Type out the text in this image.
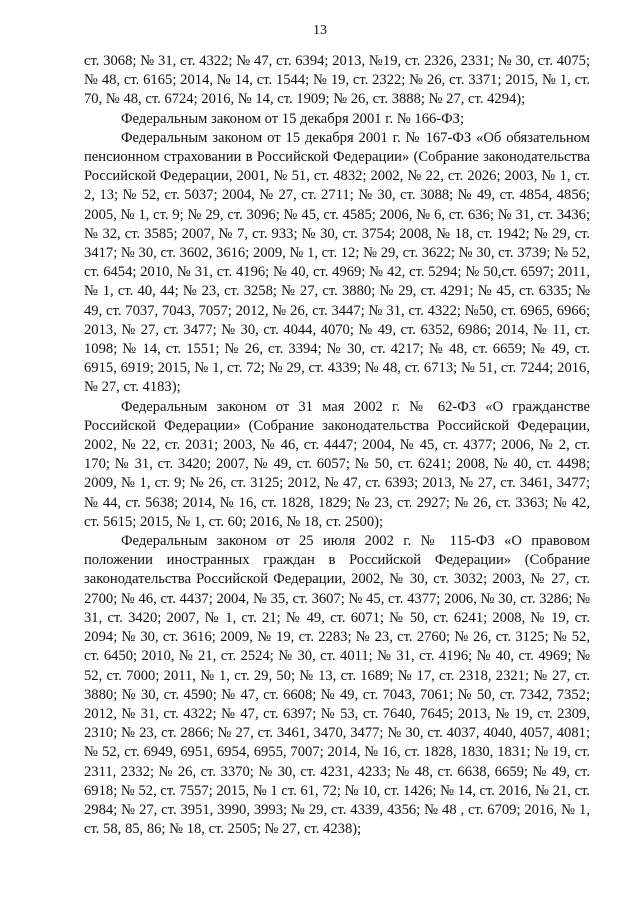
13

ст. 3068; № 31, ст. 4322; № 47, ст. 6394; 2013, №19, ст. 2326, 2331; № 30, ст. 4075; № 48, ст. 6165; 2014, № 14, ст. 1544; № 19, ст. 2322; № 26, ст. 3371; 2015, № 1, ст. 70, № 48, ст. 6724; 2016, № 14, ст. 1909; № 26, ст. 3888; № 27, ст. 4294);

Федеральным законом от 15 декабря 2001 г. № 166-ФЗ;

Федеральным законом от 15 декабря 2001 г. № 167-ФЗ «Об обязательном пенсионном страховании в Российской Федерации» (Собрание законодательства Российской Федерации, 2001, № 51, ст. 4832; 2002, № 22, ст. 2026; 2003, № 1, ст. 2, 13; № 52, ст. 5037; 2004, № 27, ст. 2711; № 30, ст. 3088; № 49, ст. 4854, 4856; 2005, № 1, ст. 9; № 29, ст. 3096; № 45, ст. 4585; 2006, № 6, ст. 636; № 31, ст. 3436; № 32, ст. 3585; 2007, № 7, ст. 933; № 30, ст. 3754; 2008, № 18, ст. 1942; № 29, ст. 3417; № 30, ст. 3602, 3616; 2009, № 1, ст. 12; № 29, ст. 3622; № 30, ст. 3739; № 52, ст. 6454; 2010, № 31, ст. 4196; № 40, ст. 4969; № 42, ст. 5294; № 50,ст. 6597; 2011, № 1, ст. 40, 44; № 23, ст. 3258; № 27, ст. 3880; № 29, ст. 4291; № 45, ст. 6335; № 49, ст. 7037, 7043, 7057; 2012, № 26, ст. 3447; № 31, ст. 4322; №50, ст. 6965, 6966; 2013, № 27, ст. 3477; № 30, ст. 4044, 4070; № 49, ст. 6352, 6986; 2014, № 11, ст. 1098; № 14, ст. 1551; № 26, ст. 3394; № 30, ст. 4217; № 48, ст. 6659; № 49, ст. 6915, 6919; 2015, № 1, ст. 72; № 29, ст. 4339; № 48, ст. 6713; № 51, ст. 7244; 2016, № 27, ст. 4183);

Федеральным законом от 31 мая 2002 г. № 62-ФЗ «О гражданстве Российской Федерации» (Собрание законодательства Российской Федерации, 2002, № 22, ст. 2031; 2003, № 46, ст. 4447; 2004, № 45, ст. 4377; 2006, № 2, ст. 170; № 31, ст. 3420; 2007, № 49, ст. 6057; № 50, ст. 6241; 2008, № 40, ст. 4498; 2009, № 1, ст. 9; № 26, ст. 3125; 2012, № 47, ст. 6393; 2013, № 27, ст. 3461, 3477; № 44, ст. 5638; 2014, № 16, ст. 1828, 1829; № 23, ст. 2927; № 26, ст. 3363; № 42, ст. 5615; 2015, № 1, ст. 60; 2016, № 18, ст. 2500);

Федеральным законом от 25 июля 2002 г. № 115-ФЗ «О правовом положении иностранных граждан в Российской Федерации» (Собрание законодательства Российской Федерации, 2002, № 30, ст. 3032; 2003, № 27, ст. 2700; № 46, ст. 4437; 2004, № 35, ст. 3607; № 45, ст. 4377; 2006, № 30, ст. 3286; № 31, ст. 3420; 2007, № 1, ст. 21; № 49, ст. 6071; № 50, ст. 6241; 2008, № 19, ст. 2094; № 30, ст. 3616; 2009, № 19, ст. 2283; № 23, ст. 2760; № 26, ст. 3125; № 52, ст. 6450; 2010, № 21, ст. 2524; № 30, ст. 4011; № 31, ст. 4196; № 40, ст. 4969; № 52, ст. 7000; 2011, № 1, ст. 29, 50; № 13, ст. 1689; № 17, ст. 2318, 2321; № 27, ст. 3880; № 30, ст. 4590; № 47, ст. 6608; № 49, ст. 7043, 7061; № 50, ст. 7342, 7352; 2012, № 31, ст. 4322; № 47, ст. 6397; № 53, ст. 7640, 7645; 2013, № 19, ст. 2309, 2310; № 23, ст. 2866; № 27, ст. 3461, 3470, 3477; № 30, ст. 4037, 4040, 4057, 4081; № 52, ст. 6949, 6951, 6954, 6955, 7007; 2014, № 16, ст. 1828, 1830, 1831; № 19, ст. 2311, 2332; № 26, ст. 3370; № 30, ст. 4231, 4233; № 48, ст. 6638, 6659; № 49, ст. 6918; № 52, ст. 7557; 2015, № 1 ст. 61, 72; № 10, ст. 1426; № 14, ст. 2016, № 21, ст. 2984; № 27, ст. 3951, 3990, 3993; № 29, ст. 4339, 4356; № 48 , ст. 6709; 2016, № 1, ст. 58, 85, 86; № 18, ст. 2505; № 27, ст. 4238);
